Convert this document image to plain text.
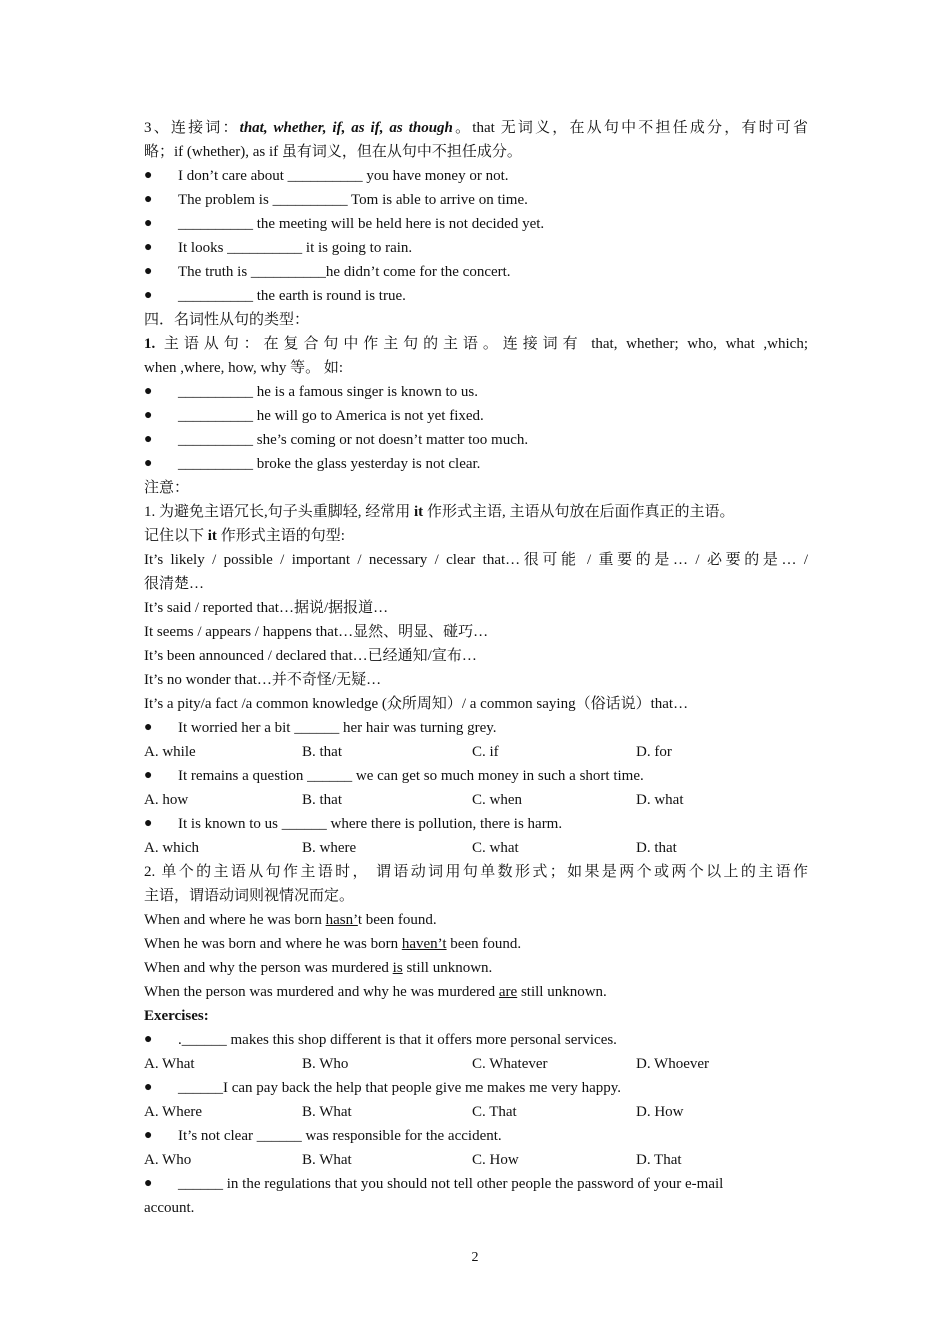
3、连接词：that, whether, if, as if, as though。that 无词义，在从句中不担任成分，有时可省
略；if (whether), as if 虽有词义，但在从句中不担任成分。
● I don’t care about __________ you have money or not.
● The problem is __________ Tom is able to arrive on time.
● __________ the meeting will be held here is not decided yet.
● It looks __________ it is going to rain.
● The truth is __________he didn’t come for the concert.
● __________ the earth is round is true.
四．名词性从句的类型：
1. 主语从句：在复合句中作主句的主语。连接词有 that, whether; who, what ,which;
when ,where, how, why 等。 如:
● __________ he is a famous singer is known to us.
● __________ he will go to America is not yet fixed.
● __________ she’s coming or not doesn’t matter too much.
● __________ broke the glass yesterday is not clear.
注意：
1. 为避免主语冗长,句子头重脚轻, 经常用 it 作形式主语, 主语从句放在后面作真正的主语。
记住以下 it 作形式主语的句型:
It’s likely / possible / important / necessary / clear that…很可能 / 重要的是… / 必要的是… /
很清楚…
It’s said / reported that…据说/据报道…
It seems / appears / happens that…显然、明显、碰巧…
It’s been announced / declared that…已经通知/宣布…
It’s no wonder that…并不奇怪/无疑…
It’s a pity/a fact /a common knowledge (众所周知）/ a common saying（俗话说）that…
● It worried her a bit ______ her hair was turning grey.
A. while	B. that	C. if	D. for
● It remains a question ______ we can get so much money in such a short time.
A. how	B. that	C. when	D. what
● It is known to us ______ where there is pollution, there is harm.
A. which	B. where	C. what	D. that
2. 单个的主语从句作主语时， 谓语动词用句单数形式；如果是两个或两个以上的主语作
主语，谓语动词则视情况而定。
When and where he was born hasn’t been found.
When he was born and where he was born haven’t been found.
When and why the person was murdered is still unknown.
When the person was murdered and why he was murdered are still unknown.
Exercises:
● .______ makes this shop different is that it offers more personal services.
A. What	B. Who	C. Whatever	D. Whoever
● ______I can pay back the help that people give me makes me very happy.
A. Where	B. What	C. That	D. How
● It’s not clear ______ was responsible for the accident.
A. Who	B. What	C. How	D. That
● ______ in the regulations that you should not tell other people the password of your e-mail
account.
2
